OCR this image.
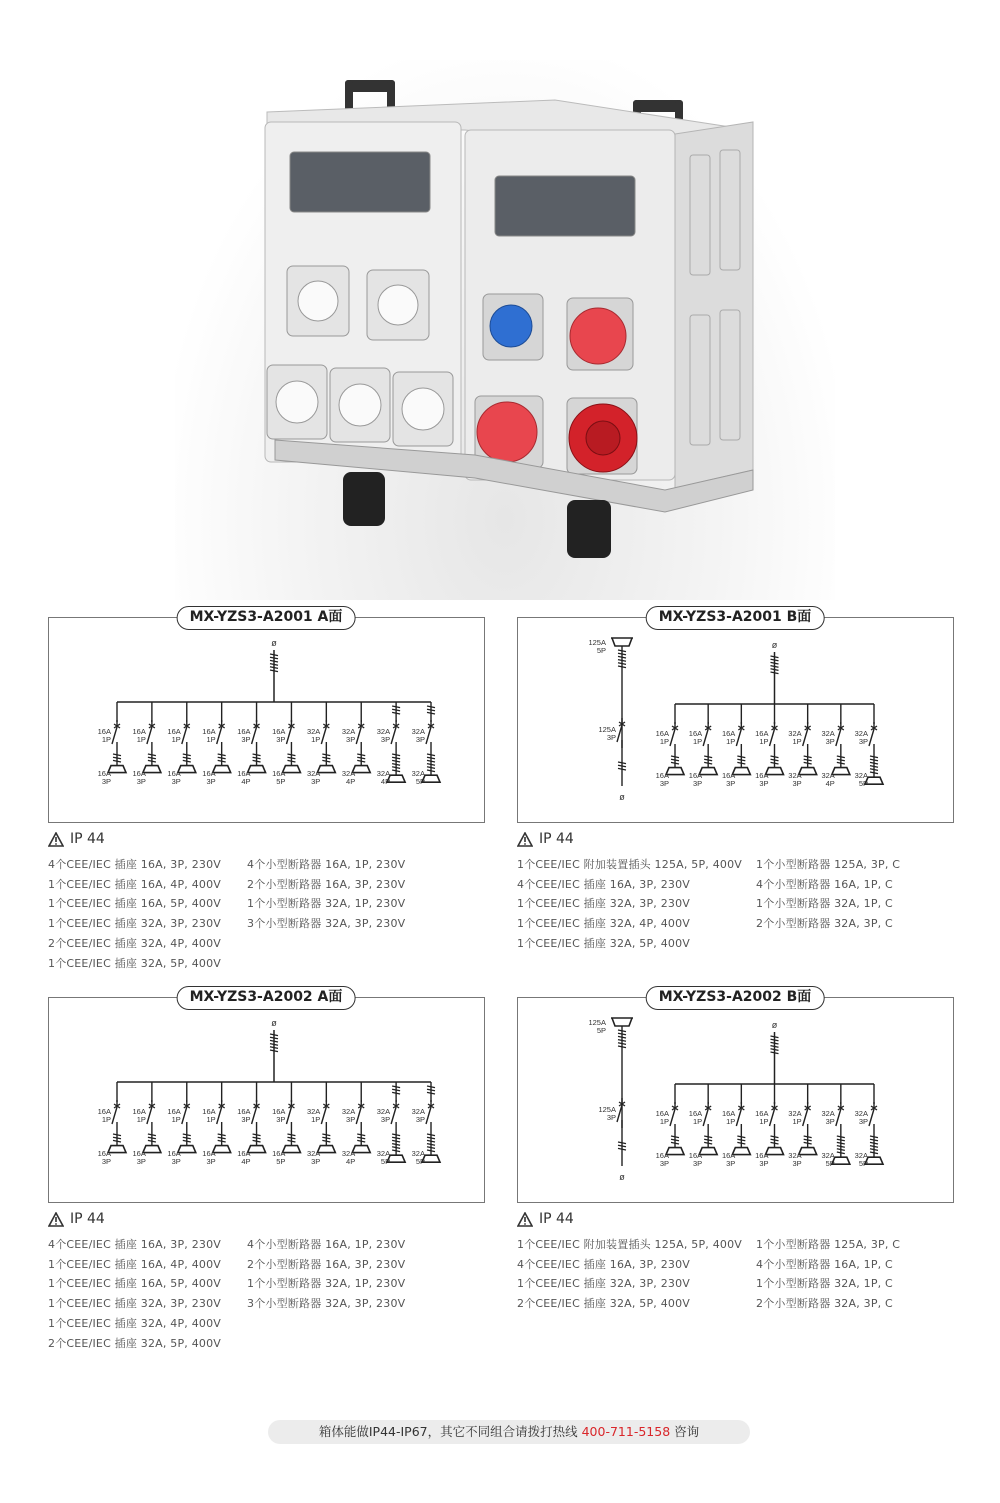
ø
16A
1P
16A
3P
16A
1P
16A
3P
16A
1P
16A
3P
16A
1P
16A
3P
16A
3P
16A
4P
16A
3P
16A
5P
32A
1P
32A
3P
32A
3P
32A
4P
32A
3P
32A
4P
32A
3P
32A
5P
MX-YZS3-A2001 A面
IP 44
4个CEE/IEC 插座 16A, 3P, 230V
1个CEE/IEC 插座 16A, 4P, 400V
1个CEE/IEC 插座 16A, 5P, 400V
1个CEE/IEC 插座 32A, 3P, 230V
2个CEE/IEC 插座 32A, 4P, 400V
1个CEE/IEC 插座 32A, 5P, 400V
4个小型断路器 16A, 1P, 230V
2个小型断路器 16A, 3P, 230V
1个小型断路器 32A, 1P, 230V
3个小型断路器 32A, 3P, 230V
ø
16A
1P
16A
3P
16A
1P
16A
3P
16A
1P
16A
3P
16A
1P
16A
3P
32A
1P
32A
3P
32A
3P
32A
4P
32A
3P
32A
5P
125A
5P
125A
3P
ø
MX-YZS3-A2001 B面
IP 44
1个CEE/IEC 附加装置插头 125A, 5P, 400V
4个CEE/IEC 插座 16A, 3P, 230V
1个CEE/IEC 插座 32A, 3P, 230V
1个CEE/IEC 插座 32A, 4P, 400V
1个CEE/IEC 插座 32A, 5P, 400V
1个小型断路器 125A, 3P, C
4个小型断路器 16A, 1P, C
1个小型断路器 32A, 1P, C
2个小型断路器 32A, 3P, C
ø
16A
1P
16A
3P
16A
1P
16A
3P
16A
1P
16A
3P
16A
1P
16A
3P
16A
3P
16A
4P
16A
3P
16A
5P
32A
1P
32A
3P
32A
3P
32A
4P
32A
3P
32A
5P
32A
3P
32A
5P
MX-YZS3-A2002 A面
IP 44
4个CEE/IEC 插座 16A, 3P, 230V
1个CEE/IEC 插座 16A, 4P, 400V
1个CEE/IEC 插座 16A, 5P, 400V
1个CEE/IEC 插座 32A, 3P, 230V
1个CEE/IEC 插座 32A, 4P, 400V
2个CEE/IEC 插座 32A, 5P, 400V
4个小型断路器 16A, 1P, 230V
2个小型断路器 16A, 3P, 230V
1个小型断路器 32A, 1P, 230V
3个小型断路器 32A, 3P, 230V
ø
16A
1P
16A
3P
16A
1P
16A
3P
16A
1P
16A
3P
16A
1P
16A
3P
32A
1P
32A
3P
32A
3P
32A
5P
32A
3P
32A
5P
125A
5P
125A
3P
ø
MX-YZS3-A2002 B面
IP 44
1个CEE/IEC 附加装置插头 125A, 5P, 400V
4个CEE/IEC 插座 16A, 3P, 230V
1个CEE/IEC 插座 32A, 3P, 230V
2个CEE/IEC 插座 32A, 5P, 400V
1个小型断路器 125A, 3P, C
4个小型断路器 16A, 1P, C
1个小型断路器 32A, 1P, C
2个小型断路器 32A, 3P, C
箱体能做IP44-IP67，其它不同组合请拨打热线 400-711-5158 咨询
